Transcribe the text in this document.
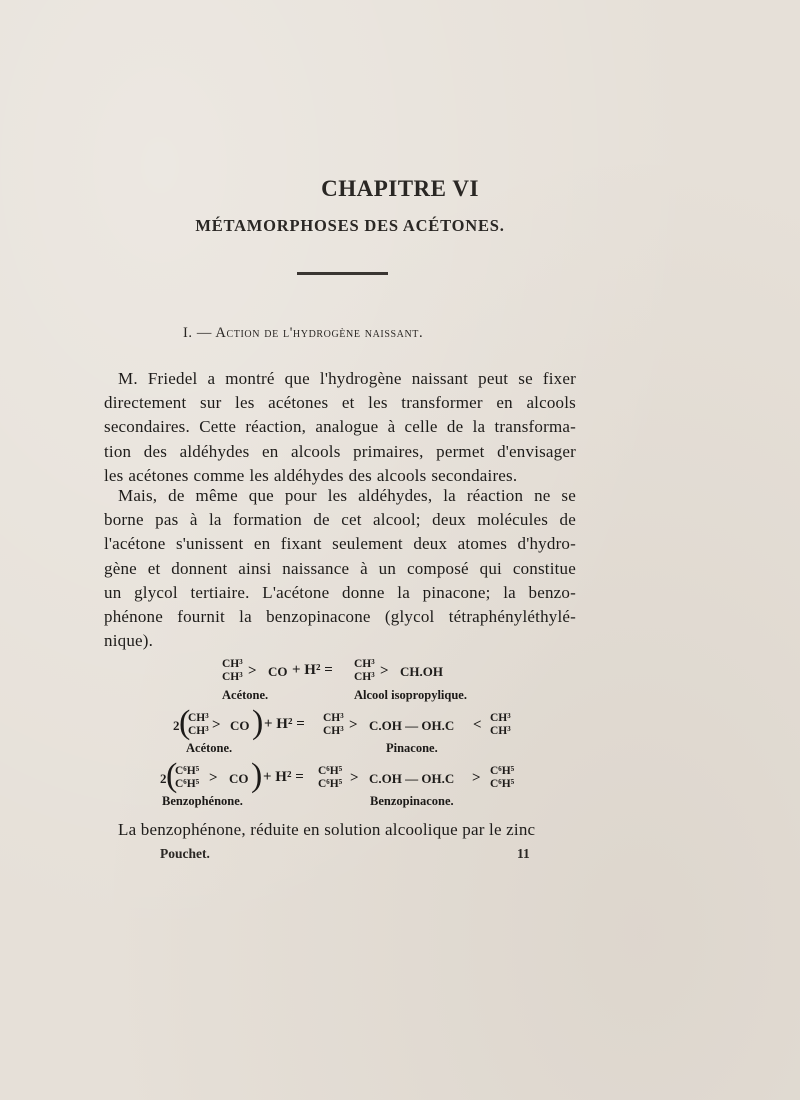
CHAPITRE VI
MÉTAMORPHOSES DES ACÉTONES.
I. — Action de l'hydrogène naissant.
M. Friedel a montré que l'hydrogène naissant peut se fixer
directement sur les acétones et les transformer en alcools
secondaires. Cette réaction, analogue à celle de la transforma-
tion des aldéhydes en alcools primaires, permet d'envisager
les acétones comme les aldéhydes des alcools secondaires.
Mais, de même que pour les aldéhydes, la réaction ne se
borne pas à la formation de cet alcool; deux molécules de
l'acétone s'unissent en fixant seulement deux atomes d'hydro-
gène et donnent ainsi naissance à un composé qui constitue
un glycol tertiaire. L'acétone donne la pinacone; la benzo-
phénone fournit la benzopinacone (glycol tétraphényléthylé-
nique).
CH³
CH³ > CO + H² = CH³
CH³ > CH.OH
Acétone.	Alcool isopropylique.
2 (
CH³
CH³ > CO ) + H² = CH³
CH³ > C.OH — OH.C < CH³
CH³
Acétone.	Pinacone.
2 (
C⁶H⁵
C⁶H⁵ > CO ) + H² = C⁶H⁵
C⁶H⁵ > C.OH — OH.C > C⁶H⁵
C⁶H⁵
Benzophénone.	Benzopinacone.
La benzophénone, réduite en solution alcoolique par le zinc
Pouchet.	11
